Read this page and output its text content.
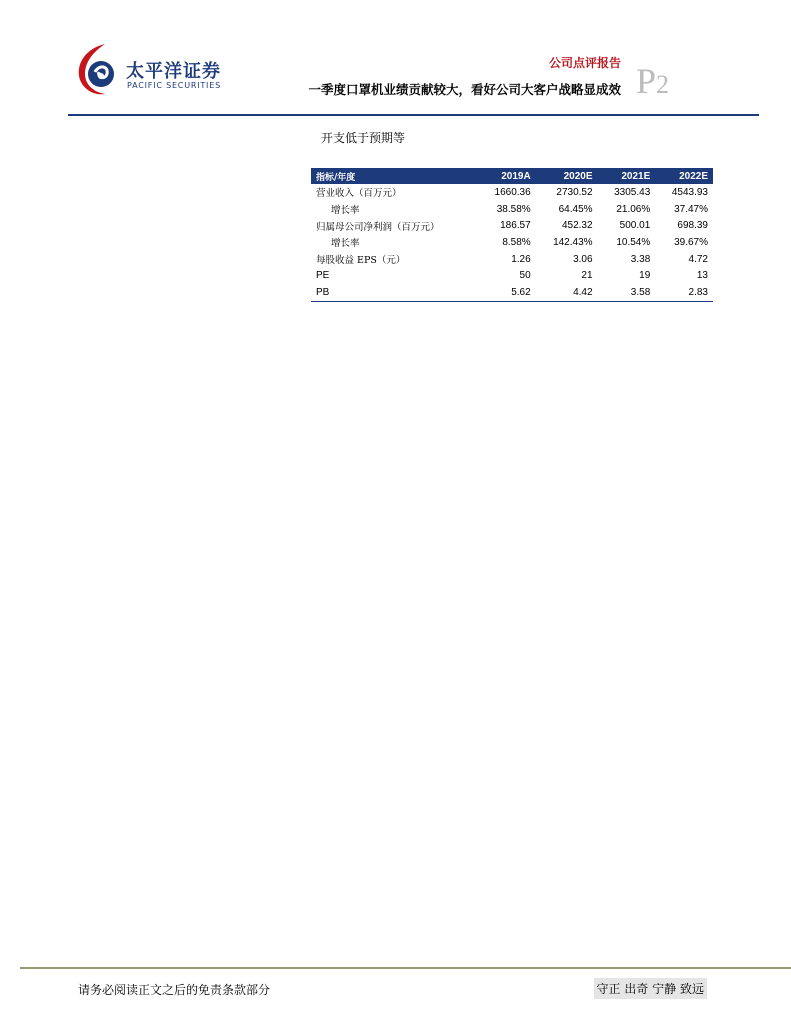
太平洋证券
PACIFIC SECURITIES
公司点评报告
一季度口罩机业绩贡献较大，看好公司大客户战略显成效 P2
开支低于预期等
指标/年度	2019A	2020E	2021E	2022E
营业收入（百万元）	1660.36	2730.52	3305.43	4543.93
增长率	38.58%	64.45%	21.06%	37.47%
归属母公司净利润（百万元）	186.57	452.32	500.01	698.39
增长率	8.58%	142.43%	10.54%	39.67%
每股收益 EPS（元）	1.26	3.06	3.38	4.72
PE	50	21	19	13
PB	5.62	4.42	3.58	2.83
请务必阅读正文之后的免责条款部分	守正 出奇 宁静 致远
